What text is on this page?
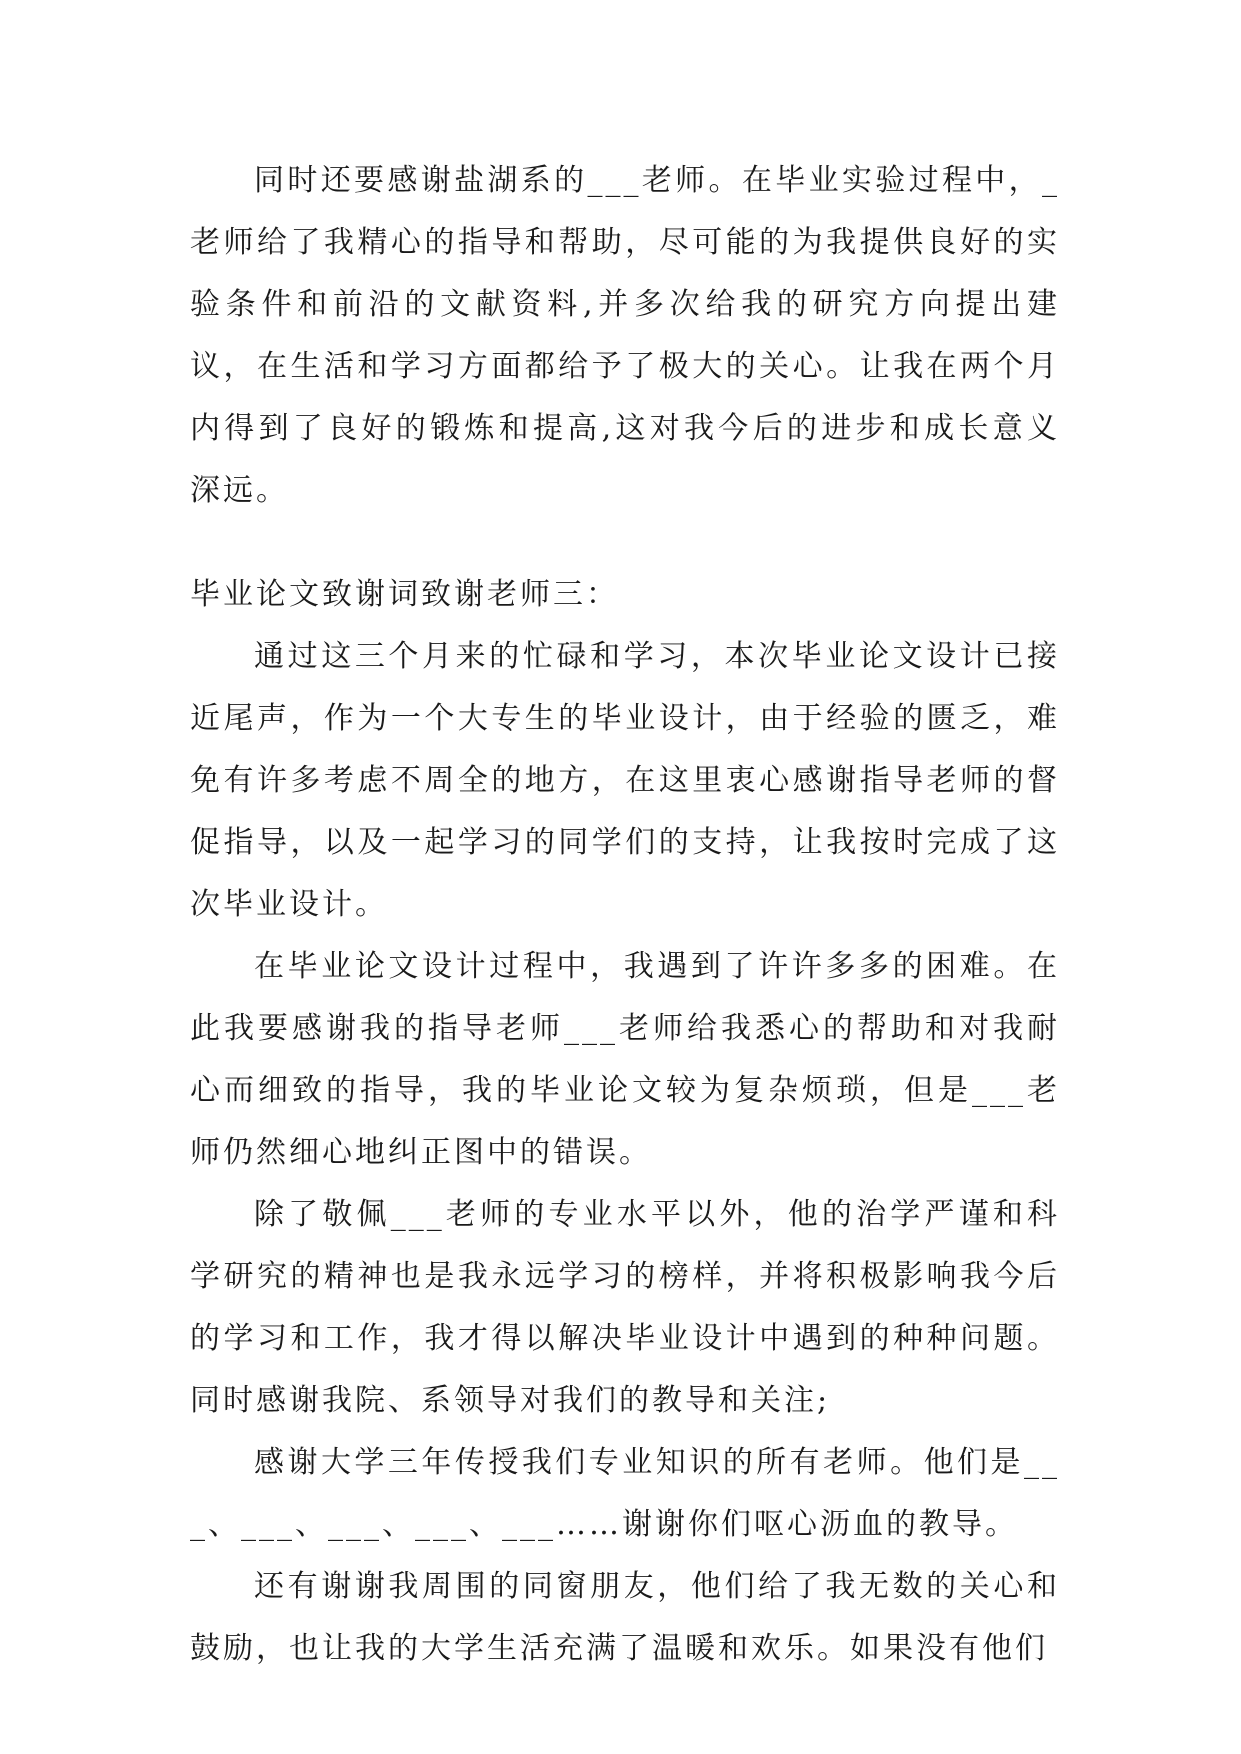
同时还要感谢盐湖系的___老师。在毕业实验过程中，_老师给了我精心的指导和帮助，尽可能的为我提供良好的实验条件和前沿的文献资料,并多次给我的研究方向提出建议，在生活和学习方面都给予了极大的关心。让我在两个月内得到了良好的锻炼和提高,这对我今后的进步和成长意义深远。

毕业论文致谢词致谢老师三：

通过这三个月来的忙碌和学习，本次毕业论文设计已接近尾声，作为一个大专生的毕业设计，由于经验的匮乏，难免有许多考虑不周全的地方，在这里衷心感谢指导老师的督促指导，以及一起学习的同学们的支持，让我按时完成了这次毕业设计。

在毕业论文设计过程中，我遇到了许许多多的困难。在此我要感谢我的指导老师___老师给我悉心的帮助和对我耐心而细致的指导，我的毕业论文较为复杂烦琐，但是___老师仍然细心地纠正图中的错误。

除了敬佩___老师的专业水平以外，他的治学严谨和科学研究的精神也是我永远学习的榜样，并将积极影响我今后的学习和工作，我才得以解决毕业设计中遇到的种种问题。同时感谢我院、系领导对我们的教导和关注;

感谢大学三年传授我们专业知识的所有老师。他们是___、___、___、___、___……谢谢你们呕心沥血的教导。

还有谢谢我周围的同窗朋友，他们给了我无数的关心和鼓励，也让我的大学生活充满了温暖和欢乐。如果没有他们
